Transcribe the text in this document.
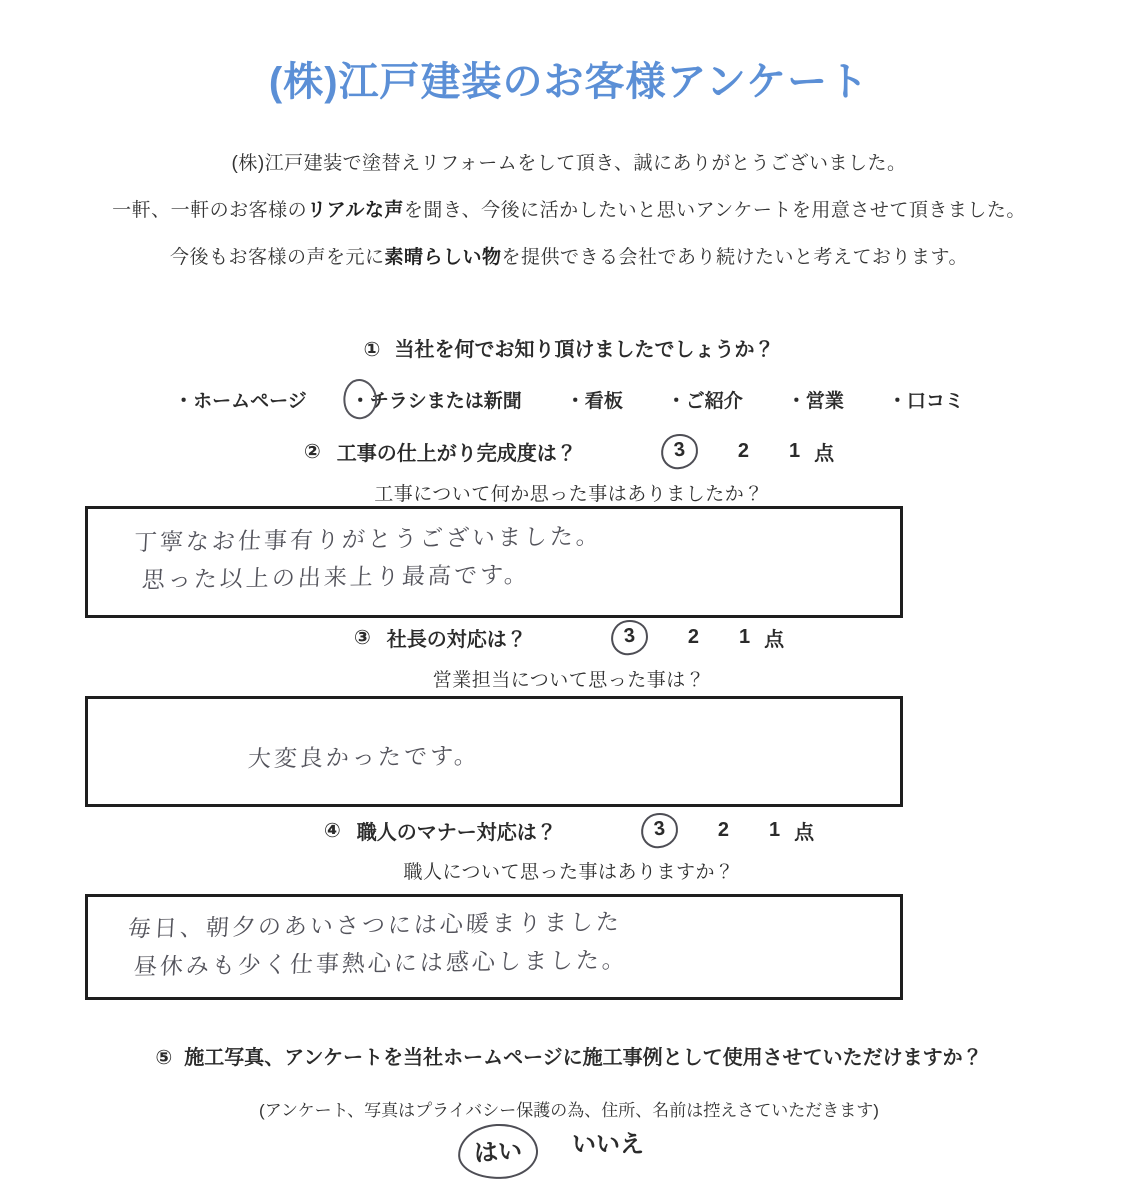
(株)江戸建装のお客様アンケート
(株)江戸建装で塗替えリフォームをして頂き、誠にありがとうございました。
一軒、一軒のお客様のリアルな声を聞き、今後に活かしたいと思いアンケートを用意させて頂きました。
今後もお客様の声を元に素晴らしい物を提供できる会社であり続けたいと考えております。
① 当社を何でお知り頂けましたでしょうか？
・ホームページ ・チラシまたは新聞 ・看板 ・ご紹介 ・営業 ・口コミ
② 工事の仕上がり完成度は？	3	2 1 点
工事について何か思った事はありましたか？
丁寧なお仕事有りがとうございました。
思った以上の出来上り最高です。
③ 社長の対応は？	3	2 1 点
営業担当について思った事は？
大変良かったです。
④ 職人のマナー対応は？	3	2 1 点
職人について思った事はありますか？
毎日、朝夕のあいさつには心暖まりました
昼休みも少く仕事熱心には感心しました。
⑤ 施工写真、アンケートを当社ホームページに施工事例として使用させていただけますか？
(アンケート、写真はプライバシー保護の為、住所、名前は控えさていただきます)
はい	いいえ
